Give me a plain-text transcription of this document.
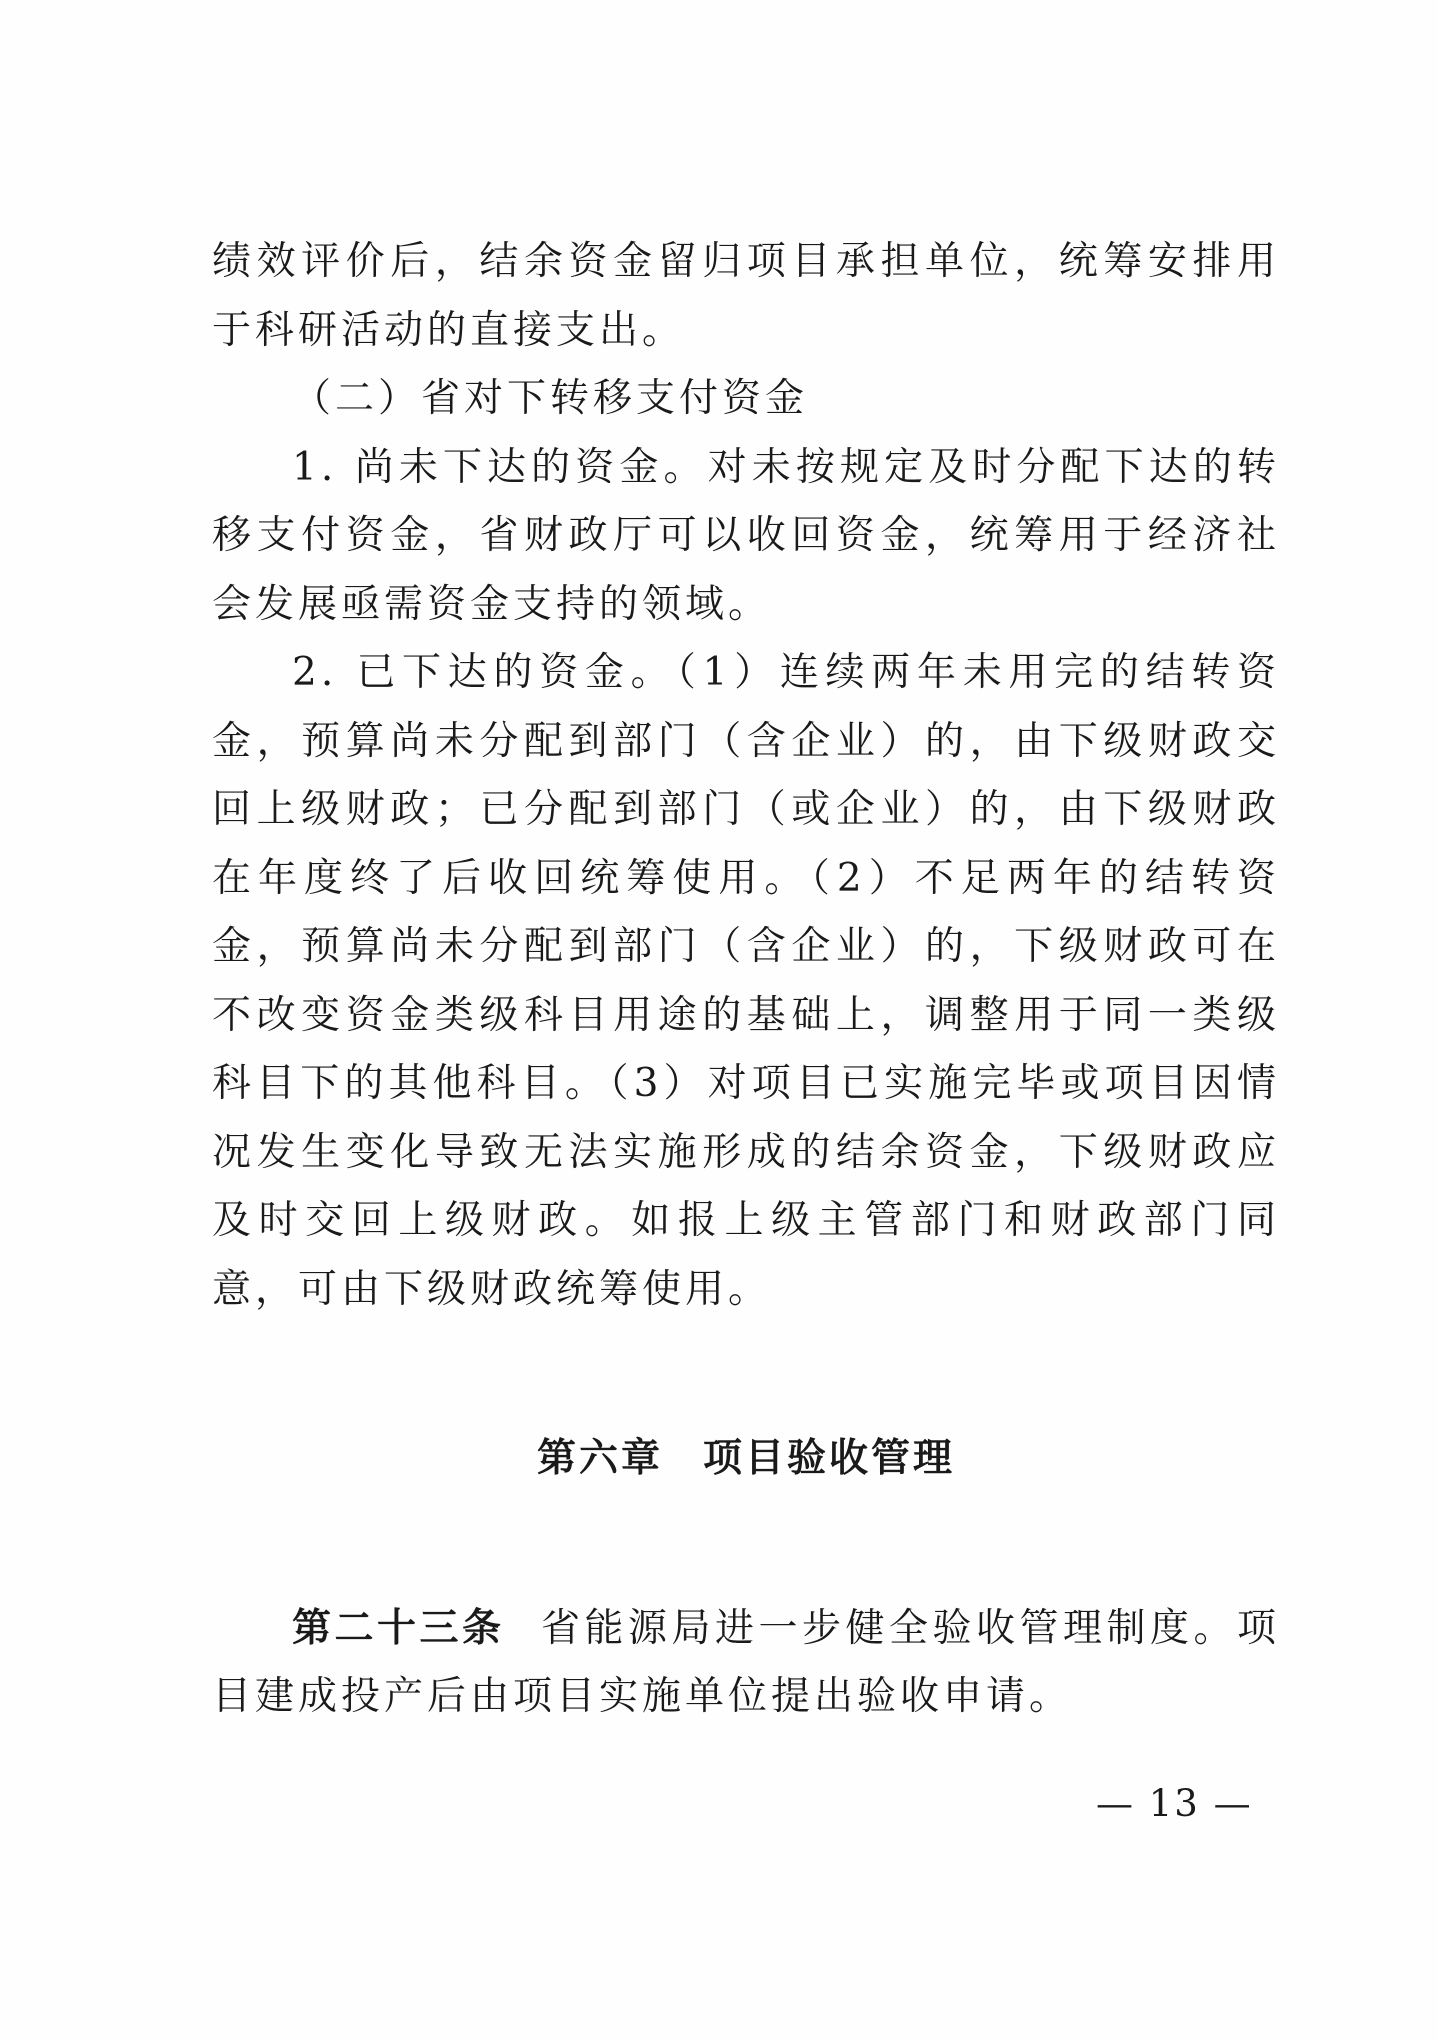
绩效评价后，结余资金留归项目承担单位，统筹安排用于科研活动的直接支出。

（二）省对下转移支付资金

1. 尚未下达的资金。对未按规定及时分配下达的转移支付资金，省财政厅可以收回资金，统筹用于经济社会发展亟需资金支持的领域。

2. 已下达的资金。（1）连续两年未用完的结转资金，预算尚未分配到部门（含企业）的，由下级财政交回上级财政；已分配到部门（或企业）的，由下级财政在年度终了后收回统筹使用。（2）不足两年的结转资金，预算尚未分配到部门（含企业）的，下级财政可在不改变资金类级科目用途的基础上，调整用于同一类级科目下的其他科目。（3）对项目已实施完毕或项目因情况发生变化导致无法实施形成的结余资金，下级财政应及时交回上级财政。如报上级主管部门和财政部门同意，可由下级财政统筹使用。

第六章 项目验收管理

第二十三条 省能源局进一步健全验收管理制度。项目建成投产后由项目实施单位提出验收申请。

— 13 —
